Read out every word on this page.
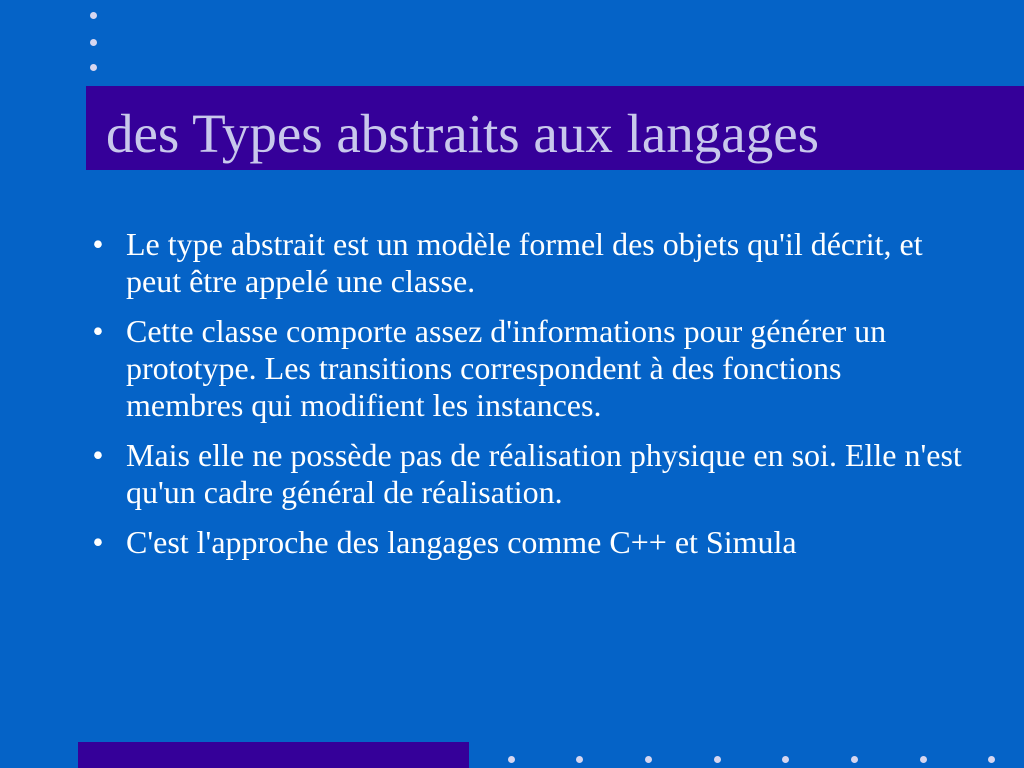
des Types abstraits aux langages
• Le type abstrait est un modèle formel des objets qu'il décrit, et peut être appelé une classe.
• Cette classe comporte assez d'informations pour générer un prototype. Les transitions correspondent à des fonctions membres qui modifient les instances.
• Mais elle ne possède pas de réalisation physique en soi. Elle n'est qu'un cadre général de réalisation.
• C'est l'approche des langages comme C++ et Simula
